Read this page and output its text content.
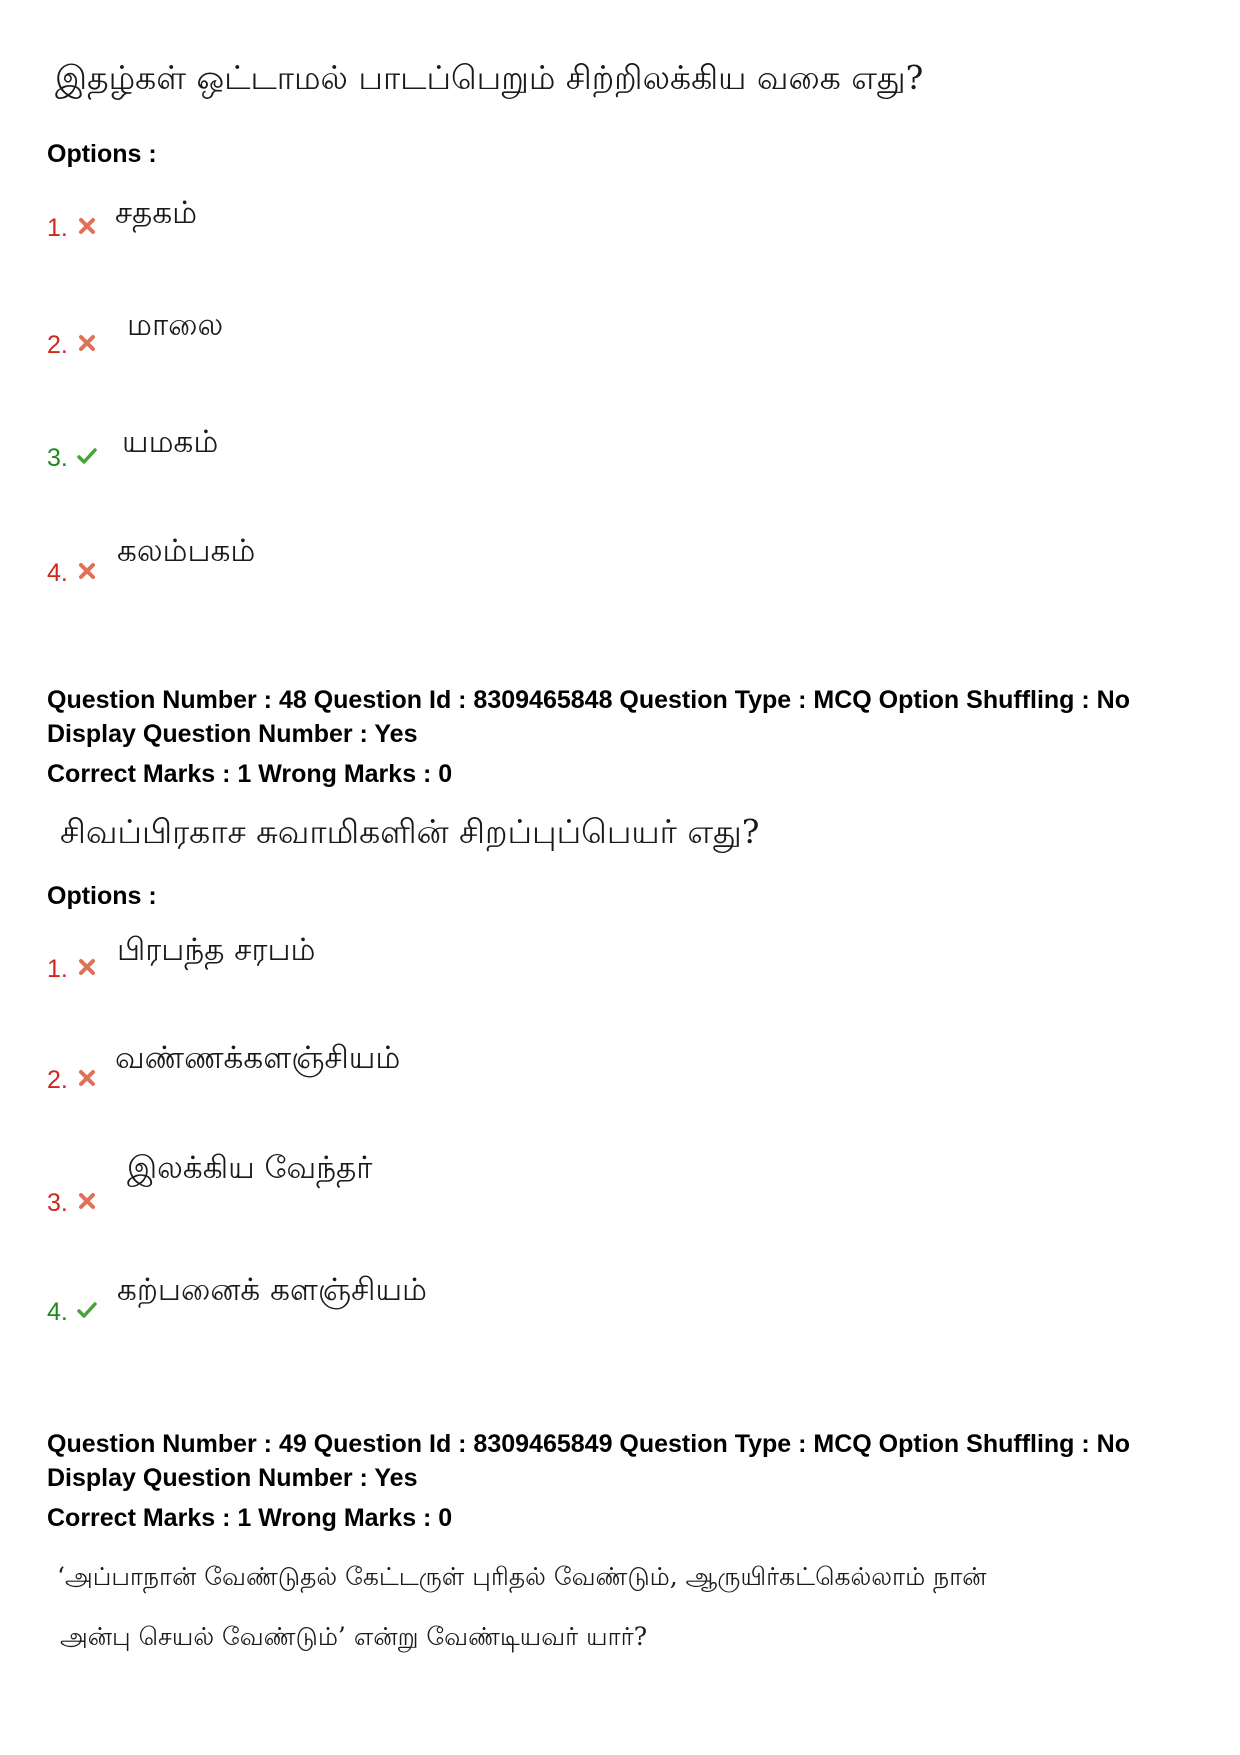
இதழ்கள் ஒட்டாமல் பாடப்பெறும் சிற்றிலக்கிய வகை எது?
Options :
1.	சதகம்
2.
மாலை
3.	யமகம்
4.
கலம்பகம்
Question Number : 48 Question Id : 8309465848 Question Type : MCQ Option Shuffling : No
Display Question Number : Yes
Correct Marks : 1 Wrong Marks : 0
சிவப்பிரகாச சுவாமிகளின் சிறப்புப்பெயர் எது?
Options :
1.
பிரபந்த சரபம்
2.
வண்ணக்களஞ்சியம்
3.
இலக்கிய வேந்தர்
4.
கற்பனைக் களஞ்சியம்
Question Number : 49 Question Id : 8309465849 Question Type : MCQ Option Shuffling : No
Display Question Number : Yes
Correct Marks : 1 Wrong Marks : 0
‘அப்பாநான் வேண்டுதல் கேட்டருள் புரிதல் வேண்டும், ஆருயிர்கட்கெல்லாம் நான்
அன்பு செயல் வேண்டும்’ என்று வேண்டியவர் யார்?
